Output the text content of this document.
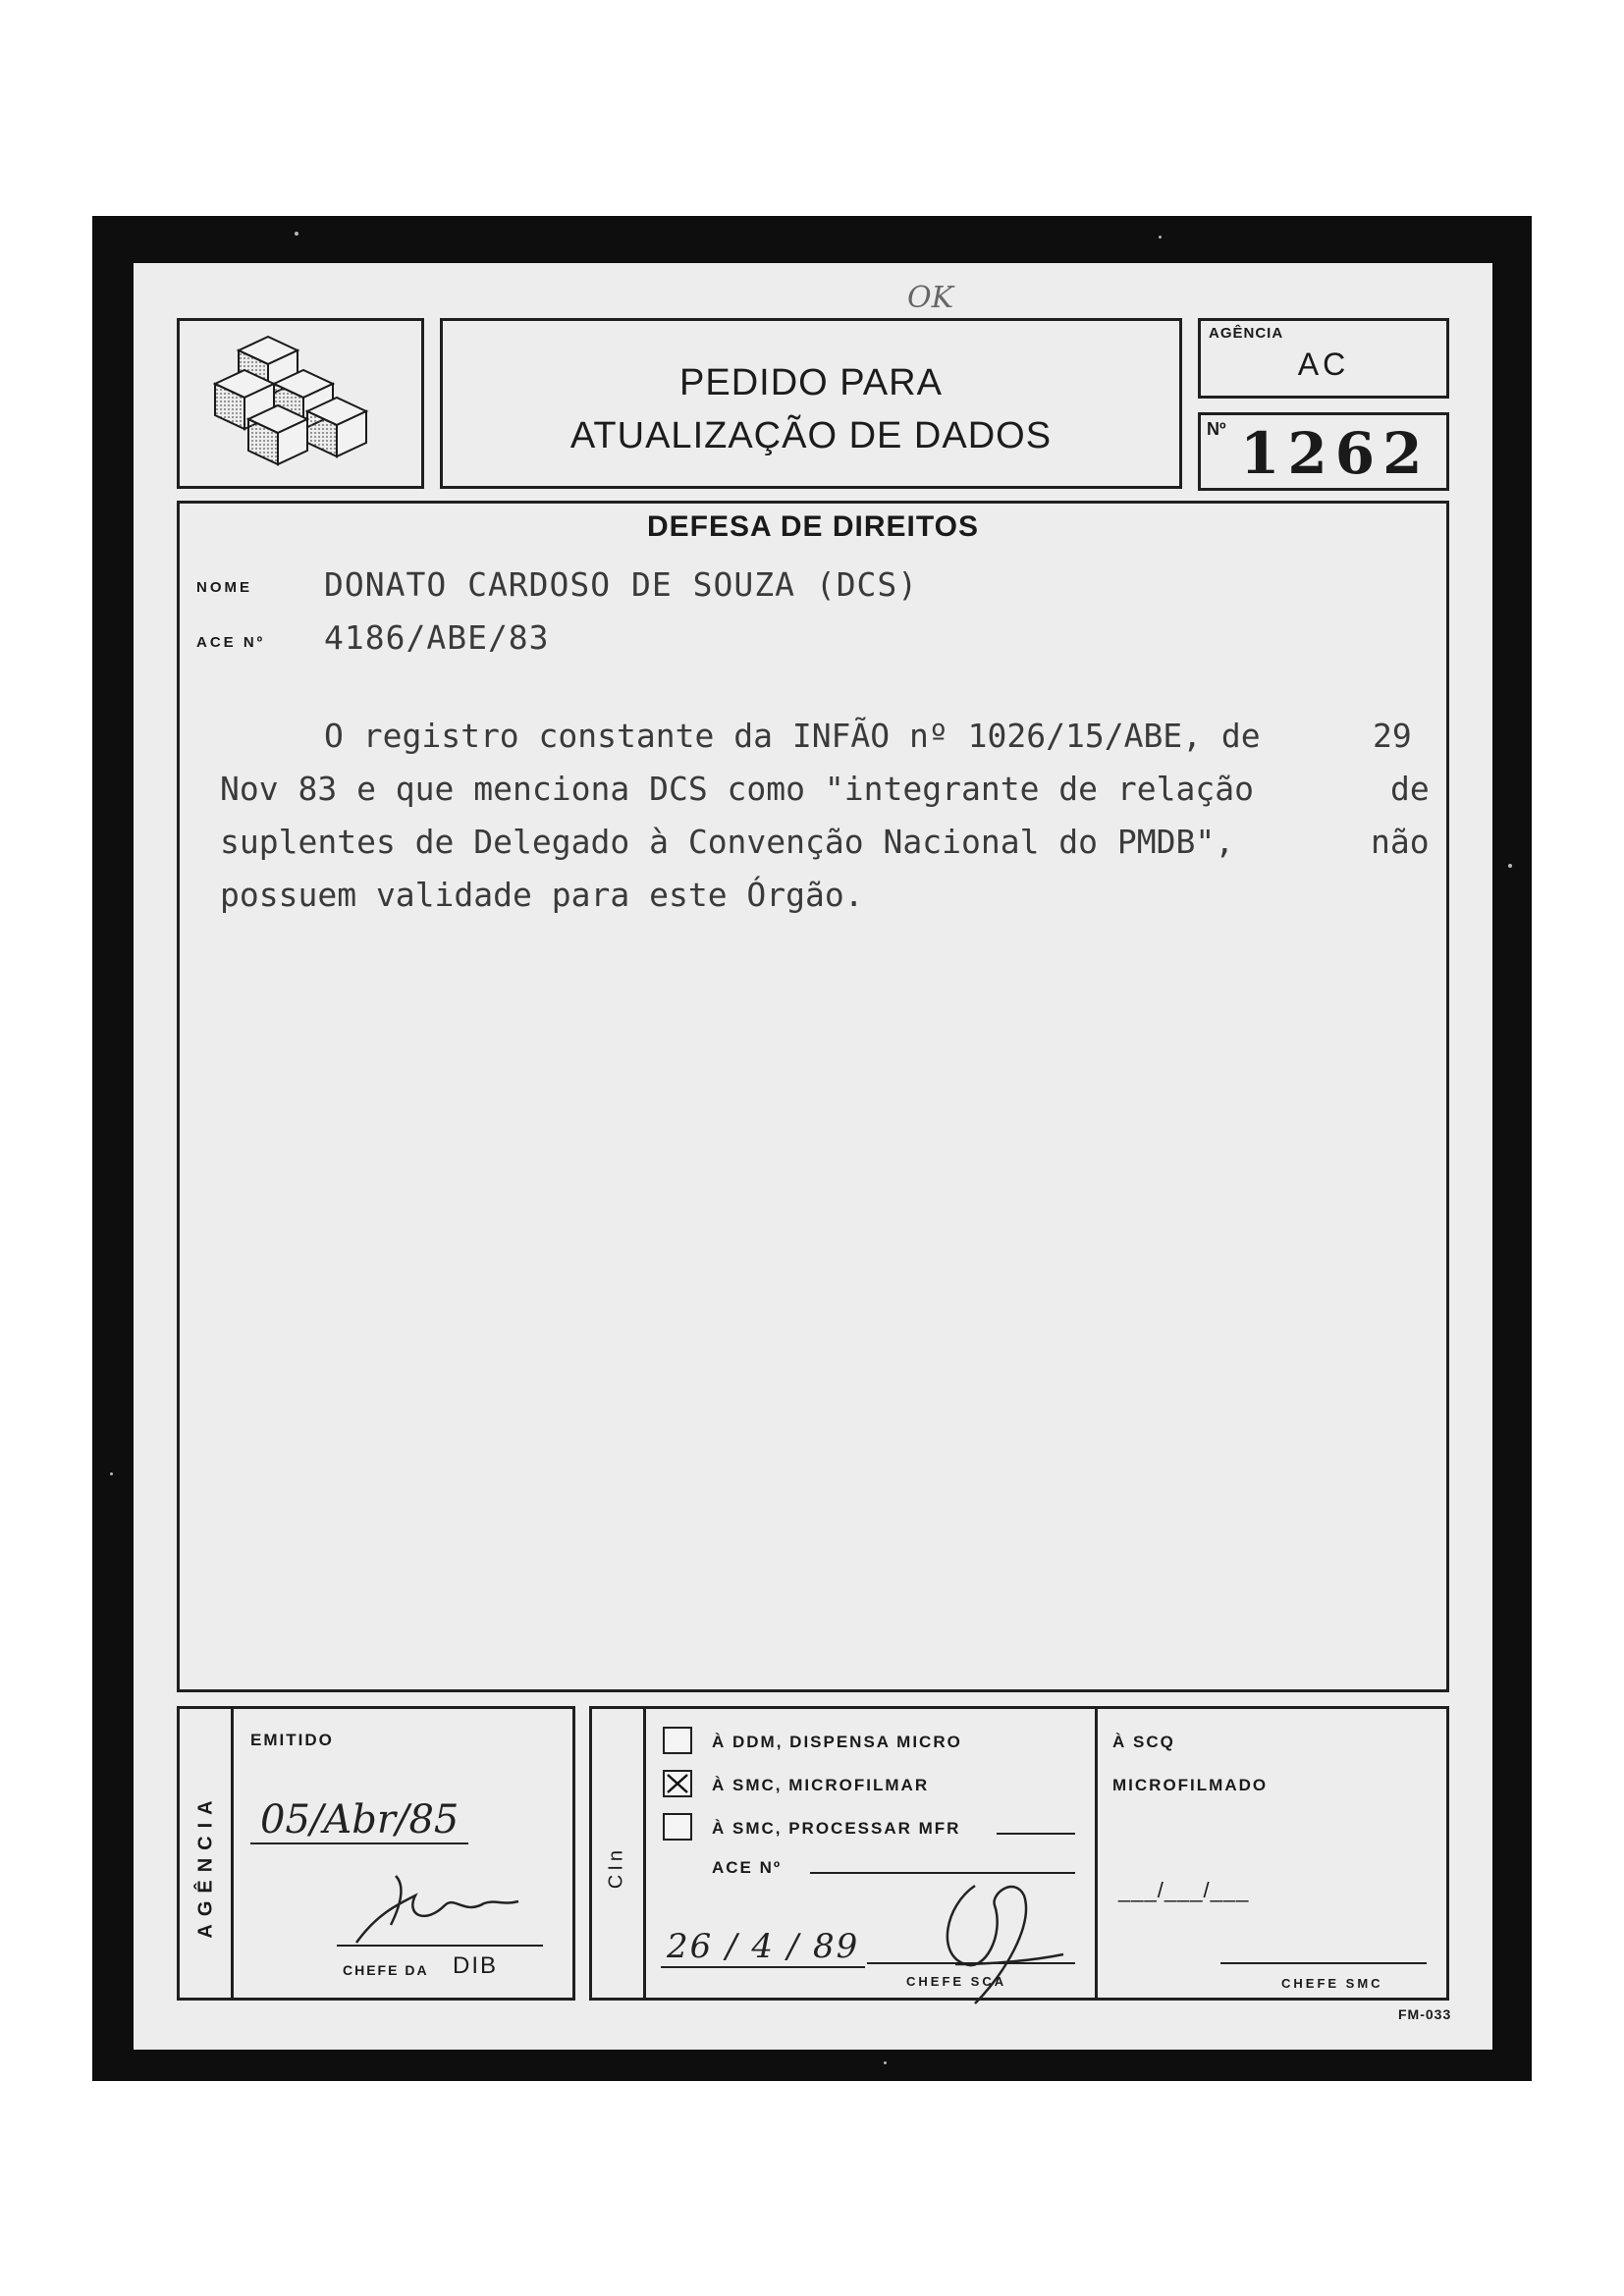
PEDIDO PARA
ATUALIZAÇÃO DE DADOS
OK
AGÊNCIA
AC
Nº 1262
DEFESA DE DIREITOS
NOME DONATO CARDOSO DE SOUZA (DCS)
ACE Nº 4186/ABE/83
O registro constante da INFÃO nº 1026/15/ABE, de	29
Nov 83 e que menciona DCS como "integrante de relação	de
suplentes de Delegado à Convenção Nacional do PMDB",	não
possuem validade para este Órgão.
AGÊNCIA
EMITIDO
05/Abr/85
CHEFE DA DIB
CIn
À DDM, DISPENSA MICRO
À SMC, MICROFILMAR
À SMC, PROCESSAR MFR
ACE Nº
26 / 4 / 89
CHEFE SCA
À SCQ
MICROFILMADO
___/___/___
CHEFE SMC
FM-033
